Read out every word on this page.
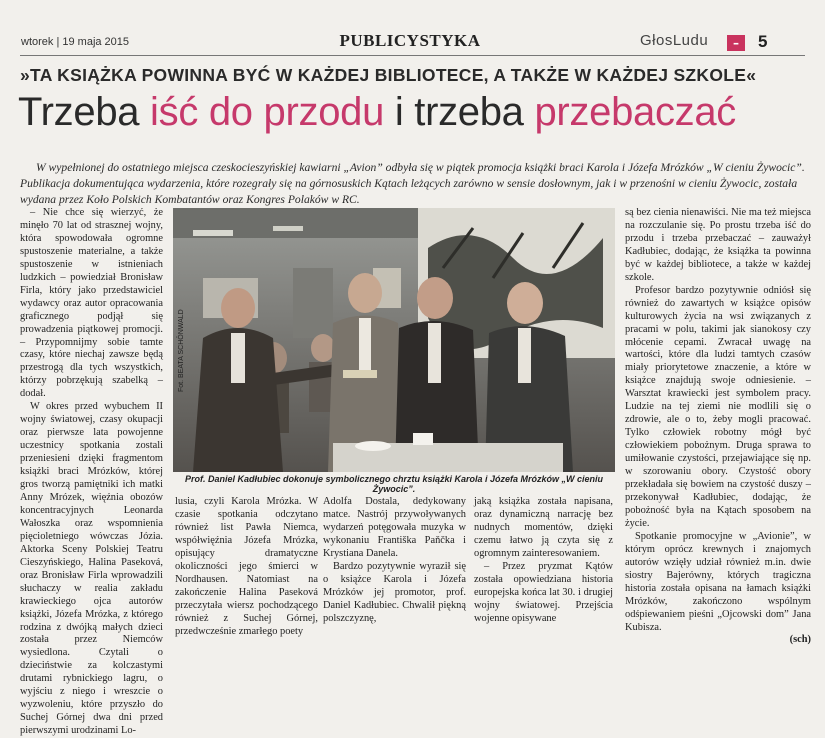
wtorek | 19 maja 2015	PUBLICYSTYKA	GłosLudu	–	5
»TA KSIĄŻKA POWINNA BYĆ W KAŻDEJ BIBLIOTECE, A TAKŻE W KAŻDEJ SZKOLE«
Trzeba iść do przodu i trzeba przebaczać

W wypełnionej do ostatniego miejsca czeskocieszyńskiej kawiarni „Avion” odbyła się w piątek promocja książki braci Karola i Józefa Mrózków „W cieniu Żywocic”. Publikacja dokumentująca wydarzenia, które rozegrały się na górnosuskich Kątach leżących zarówno w sensie dosłownym, jak i w przenośni w cieniu Żywocic, została wydana przez Koło Polskich Kombatantów oraz Kongres Polaków w RC.

– Nie chce się wierzyć, że minęło 70 lat od strasznej wojny, która spowodowała ogromne spustoszenie materialne, a także spustoszenie w istnieniach ludzkich – powiedział Bronisław Firla, który jako przedstawiciel wydawcy oraz autor opracowania graficznego podjął się prowadzenia piątkowej promocji. – Przypomnijmy sobie tamte czasy, które niechaj zawsze będą przestrogą dla tych wszystkich, którzy pobrzękują szabelką – dodał.

W okres przed wybuchem II wojny światowej, czasy okupacji oraz pierwsze lata powojenne uczestnicy spotkania zostali przeniesieni dzięki fragmentom książki braci Mrózków, której gros tworzą pamiętniki ich matki Anny Mrózek, więźnia obozów koncentracyjnych Leonarda Wałoszka oraz wspomnienia pięcioletniego wówczas Józia. Aktorka Sceny Polskiej Teatru Cieszyńskiego, Halina Paseková, oraz Bronisław Firla wprowadzili słuchaczy w realia zakładu krawieckiego ojca autorów książki, Józefa Mrózka, z którego rodzina z dwójką małych dzieci została przez Niemców wysiedlona. Czytali o dzieciństwie za kolczastymi drutami rybnickiego lagru, o wyjściu z niego i wreszcie o wyzwoleniu, które przyszło do Suchej Górnej dwa dni przed pierwszymi urodzinami Lo-

Fot. BEATA SCHÖNWALD
Prof. Daniel Kadłubiec dokonuje symbolicznego chrztu książki Karola i Józefa Mrózków „W cieniu Żywocic”.

lusia, czyli Karola Mrózka. W czasie spotkania odczytano również list Pawła Niemca, współwięźnia Józefa Mrózka, opisujący dramatyczne okoliczności jego śmierci w Nordhausen. Natomiast na zakończenie Halina Paseková przeczytała wiersz pochodzącego również z Suchej Górnej, przedwcześnie zmarłego poety

Adolfa Dostala, dedykowany matce. Nastrój przywoływanych wydarzeń potęgowała muzyka w wykonaniu Františka Paňčka i Krystiana Danela.

Bardzo pozytywnie wyraził się o książce Karola i Józefa Mrózków jej promotor, prof. Daniel Kadłubiec. Chwalił piękną polszczyznę,

jaką książka została napisana, oraz dynamiczną narrację bez nudnych momentów, dzięki czemu łatwo ją czyta się z ogromnym zainteresowaniem.

– Przez pryzmat Kątów została opowiedziana historia europejska końca lat 30. i drugiej wojny światowej. Przejścia wojenne opisywane

są bez cienia nienawiści. Nie ma też miejsca na rozczulanie się. Po prostu trzeba iść do przodu i trzeba przebaczać – zauważył Kadłubiec, dodając, że książka ta powinna być w każdej bibliotece, a także w każdej szkole.

Profesor bardzo pozytywnie odniósł się również do zawartych w książce opisów kulturowych życia na wsi związanych z pracami w polu, takimi jak sianokosy czy młócenie cepami. Zwracał uwagę na wartości, które dla ludzi tamtych czasów miały priorytetowe znaczenie, a które w książce znajdują swoje odniesienie. – Warsztat krawiecki jest symbolem pracy. Ludzie na tej ziemi nie modlili się o zdrowie, ale o to, żeby mogli pracować. Tylko człowiek robotny mógł być człowiekiem pobożnym. Druga sprawa to umiłowanie czystości, przejawiające się np. w szorowaniu obory. Czystość obory przekładała się bowiem na czystość duszy – przekonywał Kadłubiec, dodając, że pobożność była na Kątach sposobem na życie.

Spotkanie promocyjne w „Avionie”, w którym oprócz krewnych i znajomych autorów wzięły udział również m.in. dwie siostry Bajerówny, których tragiczna historia została opisana na łamach książki Mrózków, zakończono wspólnym odśpiewaniem pieśni „Ojcowski dom” Jana Kubisza.

(sch)
